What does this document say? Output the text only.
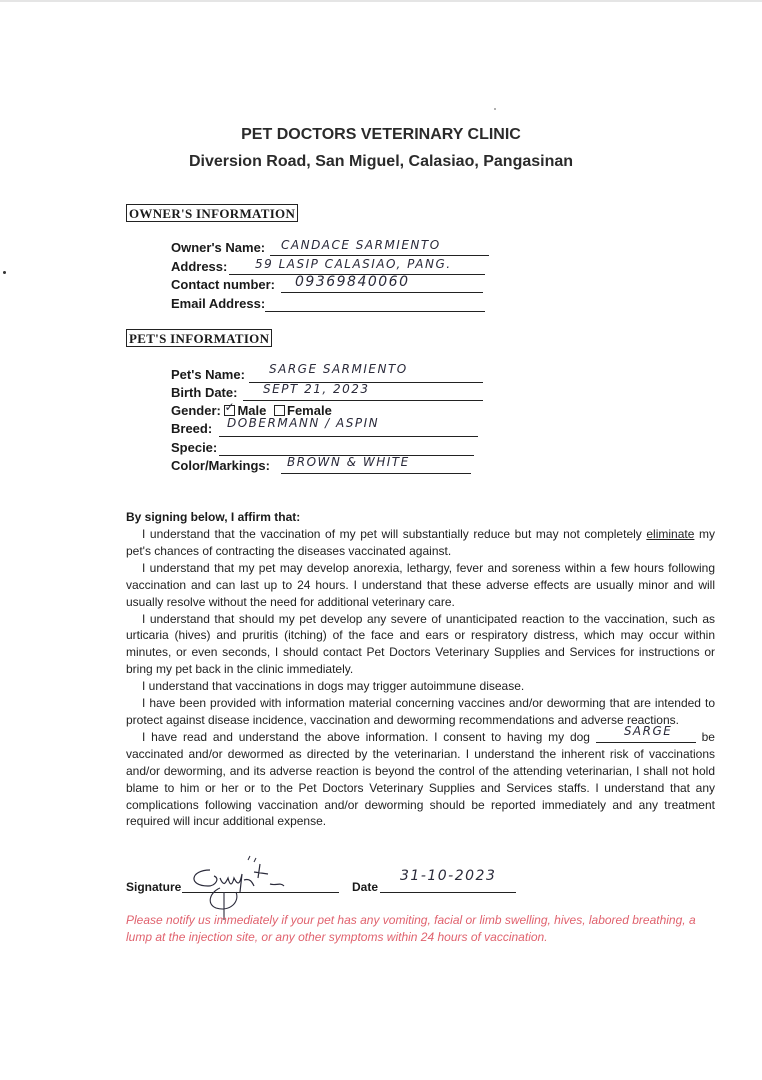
PET DOCTORS VETERINARY CLINIC
Diversion Road, San Miguel, Calasiao, Pangasinan
OWNER'S INFORMATION
Owner's Name: CANDACE SARMIENTO
Address: 59 LASIP CALASIAO, PANG.
Contact number: 09369840060
Email Address:
PET'S INFORMATION
Pet's Name: SARGE SARMIENTO
Birth Date: SEPT 21, 2023
Gender: ✓ Male Female
Breed: DOBERMANN / ASPIN
Specie:
Color/Markings: BROWN & WHITE
By signing below, I affirm that:

I understand that the vaccination of my pet will substantially reduce but may not completely eliminate my pet's chances of contracting the diseases vaccinated against.

I understand that my pet may develop anorexia, lethargy, fever and soreness within a few hours following vaccination and can last up to 24 hours. I understand that these adverse effects are usually minor and will usually resolve without the need for additional veterinary care.

I understand that should my pet develop any severe of unanticipated reaction to the vaccination, such as urticaria (hives) and pruritis (itching) of the face and ears or respiratory distress, which may occur within minutes, or even seconds, I should contact Pet Doctors Veterinary Supplies and Services for instructions or bring my pet back in the clinic immediately.

I understand that vaccinations in dogs may trigger autoimmune disease.

I have been provided with information material concerning vaccines and/or deworming that are intended to protect against disease incidence, vaccination and deworming recommendations and adverse reactions.

I have read and understand the above information. I consent to having my dog	SARGE be vaccinated and/or dewormed as directed by the veterinarian. I understand the inherent risk of vaccinations and/or deworming, and its adverse reaction is beyond the control of the attending veterinarian, I shall not hold blame to him or her or to the Pet Doctors Veterinary Supplies and Services staffs. I understand that any complications following vaccination and/or deworming should be reported immediately and any treatment required will incur additional expense.

Signature	Date
31-10-2023
Please notify us immediately if your pet has any vomiting, facial or limb swelling, hives, labored breathing, a lump at the injection site, or any other symptoms within 24 hours of vaccination.
